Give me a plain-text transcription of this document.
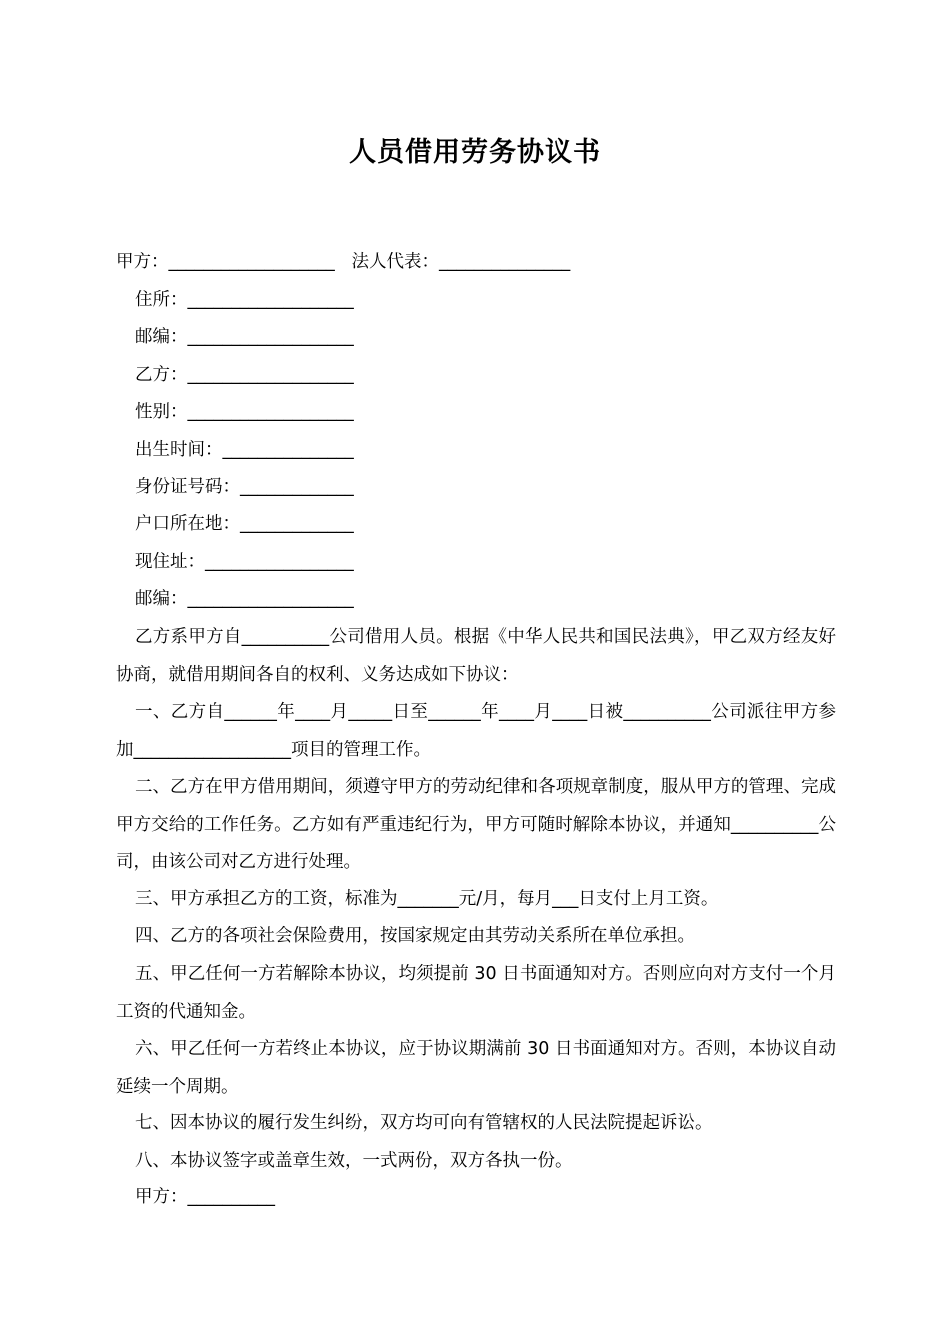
人员借用劳务协议书
甲方：___________________   法人代表：_______________
住所：___________________
邮编：___________________
乙方：___________________
性别：___________________
出生时间：_______________
身份证号码：_____________
户口所在地：_____________
现住址：_________________
邮编：___________________
乙方系甲方自__________公司借用人员。根据《中华人民共和国民法典》，甲乙双方经友好协商，就借用期间各自的权利、义务达成如下协议：
一、乙方自______年____月_____日至______年____月____日被__________公司派往甲方参加__________________项目的管理工作。
二、乙方在甲方借用期间，须遵守甲方的劳动纪律和各项规章制度，服从甲方的管理、完成甲方交给的工作任务。乙方如有严重违纪行为，甲方可随时解除本协议，并通知__________公司，由该公司对乙方进行处理。
三、甲方承担乙方的工资，标准为_______元/月，每月___日支付上月工资。
四、乙方的各项社会保险费用，按国家规定由其劳动关系所在单位承担。
五、甲乙任何一方若解除本协议，均须提前 30 日书面通知对方。否则应向对方支付一个月工资的代通知金。
六、甲乙任何一方若终止本协议，应于协议期满前 30 日书面通知对方。否则，本协议自动延续一个周期。
七、因本协议的履行发生纠纷，双方均可向有管辖权的人民法院提起诉讼。
八、本协议签字或盖章生效，一式两份，双方各执一份。
甲方：__________
